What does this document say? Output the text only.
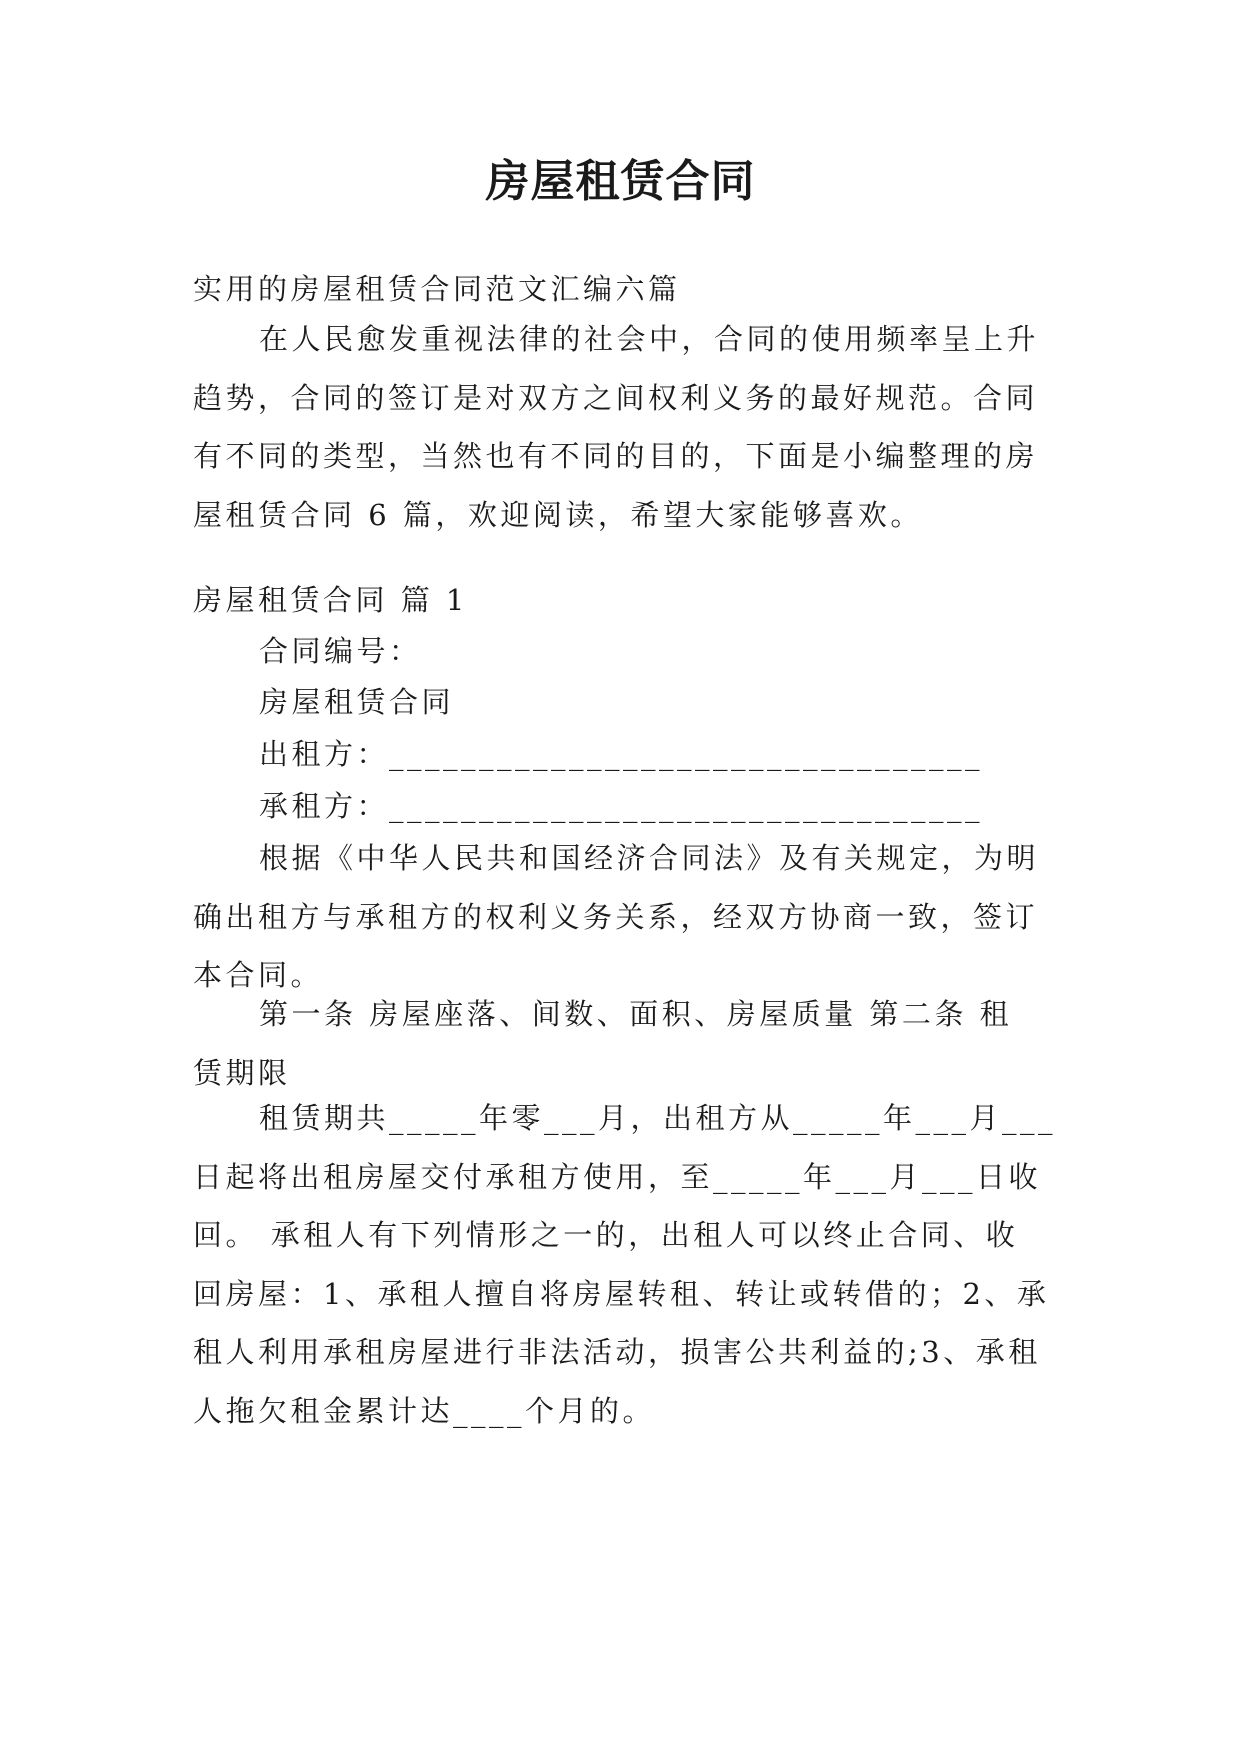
房屋租赁合同
实用的房屋租赁合同范文汇编六篇
在人民愈发重视法律的社会中，合同的使用频率呈上升
趋势，合同的签订是对双方之间权利义务的最好规范。合同
有不同的类型，当然也有不同的目的，下面是小编整理的房
屋租赁合同 6 篇，欢迎阅读，希望大家能够喜欢。
房屋租赁合同 篇 1
合同编号：
房屋租赁合同
出租方：_________________________________
承租方：_________________________________
根据《中华人民共和国经济合同法》及有关规定，为明
确出租方与承租方的权利义务关系，经双方协商一致，签订
本合同。
第一条 房屋座落、间数、面积、房屋质量 第二条 租
赁期限
租赁期共_____年零___月，出租方从_____年___月___
日起将出租房屋交付承租方使用，至_____年___月___日收
回。 承租人有下列情形之一的，出租人可以终止合同、收
回房屋：1、承租人擅自将房屋转租、转让或转借的；2、承
租人利用承租房屋进行非法活动，损害公共利益的;3、承租
人拖欠租金累计达____个月的。
